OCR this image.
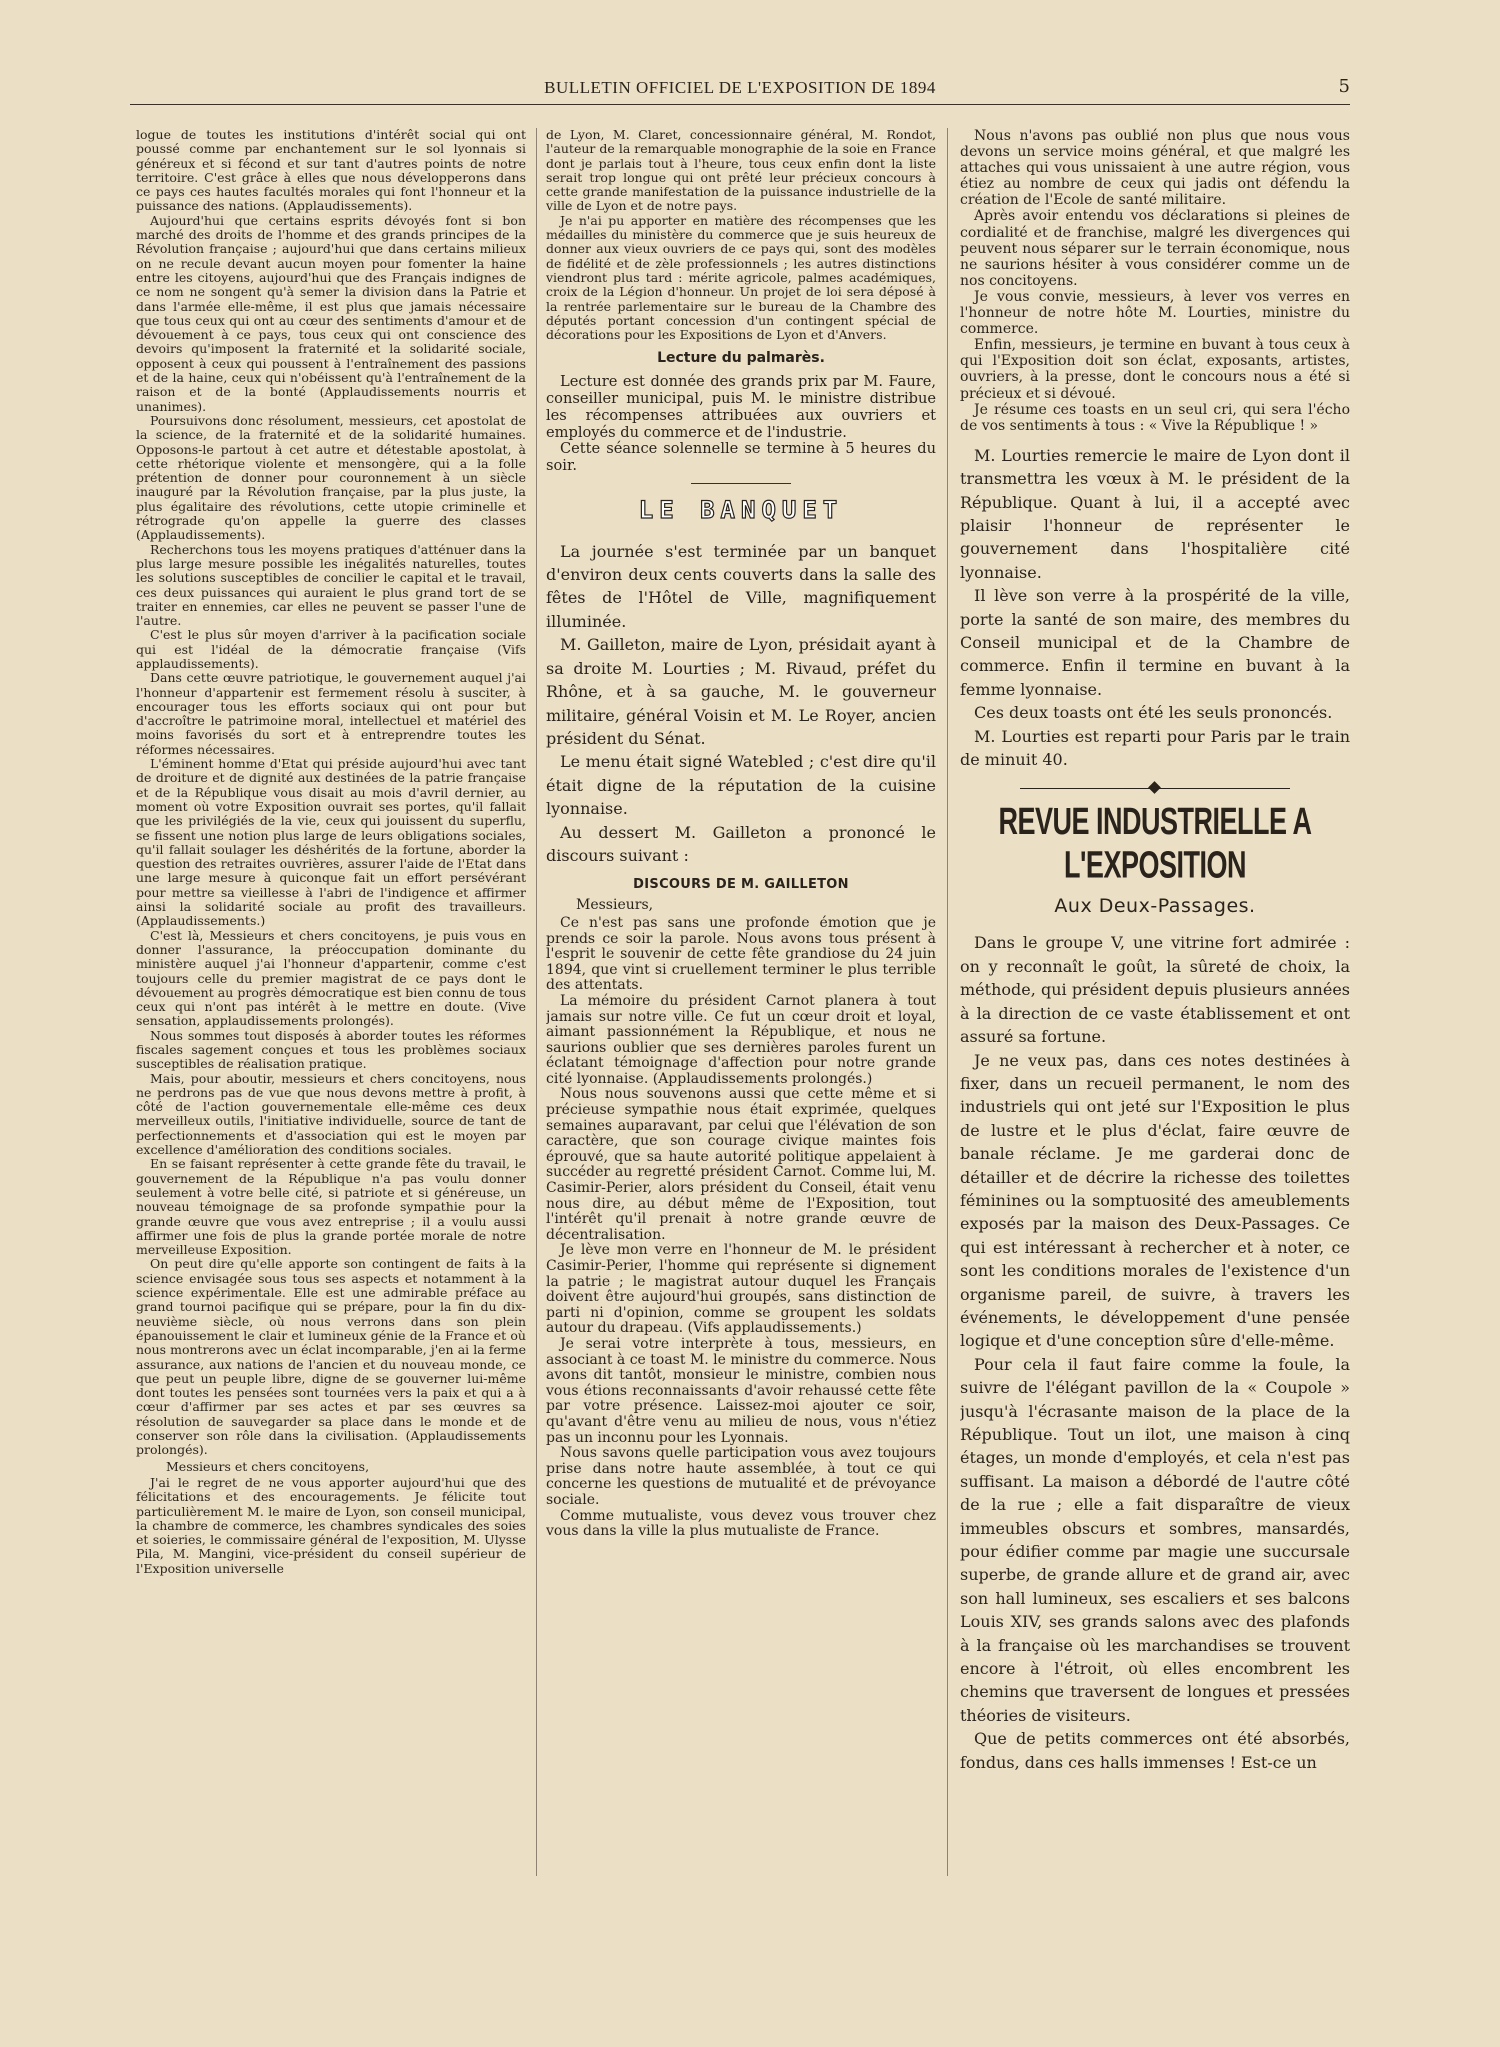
BULLETIN OFFICIEL DE L'EXPOSITION DE 1894	5

logue de toutes les institutions d'intérêt social qui ont poussé comme par enchantement sur le sol lyonnais si généreux et si fécond et sur tant d'autres points de notre territoire. C'est grâce à elles que nous développerons dans ce pays ces hautes facultés morales qui font l'honneur et la puissance des nations. (Applaudissements).

Aujourd'hui que certains esprits dévoyés font si bon marché des droits de l'homme et des grands principes de la Révolution française ; aujourd'hui que dans certains milieux on ne recule devant aucun moyen pour fomenter la haine entre les citoyens, aujourd'hui que des Français indignes de ce nom ne songent qu'à semer la division dans la Patrie et dans l'armée elle-même, il est plus que jamais nécessaire que tous ceux qui ont au cœur des sentiments d'amour et de dévouement à ce pays, tous ceux qui ont conscience des devoirs qu'imposent la fraternité et la solidarité sociale, opposent à ceux qui poussent à l'entraînement des passions et de la haine, ceux qui n'obéissent qu'à l'entraînement de la raison et de la bonté (Applaudissements nourris et unanimes).

Poursuivons donc résolument, messieurs, cet apostolat de la science, de la fraternité et de la solidarité humaines. Opposons-le partout à cet autre et détestable apostolat, à cette rhétorique violente et mensongère, qui a la folle prétention de donner pour couronnement à un siècle inauguré par la Révolution française, par la plus juste, la plus égalitaire des révolutions, cette utopie criminelle et rétrograde qu'on appelle la guerre des classes (Applaudissements).

Recherchons tous les moyens pratiques d'atténuer dans la plus large mesure possible les inégalités naturelles, toutes les solutions susceptibles de concilier le capital et le travail, ces deux puissances qui auraient le plus grand tort de se traiter en ennemies, car elles ne peuvent se passer l'une de l'autre.

C'est le plus sûr moyen d'arriver à la pacification sociale qui est l'idéal de la démocratie française (Vifs applaudissements).

Dans cette œuvre patriotique, le gouvernement auquel j'ai l'honneur d'appartenir est fermement résolu à susciter, à encourager tous les efforts sociaux qui ont pour but d'accroître le patrimoine moral, intellectuel et matériel des moins favorisés du sort et à entreprendre toutes les réformes nécessaires.

L'éminent homme d'Etat qui préside aujourd'hui avec tant de droiture et de dignité aux destinées de la patrie française et de la République vous disait au mois d'avril dernier, au moment où votre Exposition ouvrait ses portes, qu'il fallait que les privilégiés de la vie, ceux qui jouissent du superflu, se fissent une notion plus large de leurs obligations sociales, qu'il fallait soulager les déshérités de la fortune, aborder la question des retraites ouvrières, assurer l'aide de l'Etat dans une large mesure à quiconque fait un effort persévérant pour mettre sa vieillesse à l'abri de l'indigence et affirmer ainsi la solidarité sociale au profit des travailleurs. (Applaudissements.)

C'est là, Messieurs et chers concitoyens, je puis vous en donner l'assurance, la préoccupation dominante du ministère auquel j'ai l'honneur d'appartenir, comme c'est toujours celle du premier magistrat de ce pays dont le dévouement au progrès démocratique est bien connu de tous ceux qui n'ont pas intérêt à le mettre en doute. (Vive sensation, applaudissements prolongés).

Nous sommes tout disposés à aborder toutes les réformes fiscales sagement conçues et tous les problèmes sociaux susceptibles de réalisation pratique.

Mais, pour aboutir, messieurs et chers concitoyens, nous ne perdrons pas de vue que nous devons mettre à profit, à côté de l'action gouvernementale elle-même ces deux merveilleux outils, l'initiative individuelle, source de tant de perfectionnements et d'association qui est le moyen par excellence d'amélioration des conditions sociales.

En se faisant représenter à cette grande fête du travail, le gouvernement de la République n'a pas voulu donner seulement à votre belle cité, si patriote et si généreuse, un nouveau témoignage de sa profonde sympathie pour la grande œuvre que vous avez entreprise ; il a voulu aussi affirmer une fois de plus la grande portée morale de notre merveilleuse Exposition.

On peut dire qu'elle apporte son contingent de faits à la science envisagée sous tous ses aspects et notamment à la science expérimentale. Elle est une admirable préface au grand tournoi pacifique qui se prépare, pour la fin du dix-neuvième siècle, où nous verrons dans son plein épanouissement le clair et lumineux génie de la France et où nous montrerons avec un éclat incomparable, j'en ai la ferme assurance, aux nations de l'ancien et du nouveau monde, ce que peut un peuple libre, digne de se gouverner lui-même dont toutes les pensées sont tournées vers la paix et qui a à cœur d'affirmer par ses actes et par ses œuvres sa résolution de sauvegarder sa place dans le monde et de conserver son rôle dans la civilisation. (Applaudissements prolongés).

Messieurs et chers concitoyens,

J'ai le regret de ne vous apporter aujourd'hui que des félicitations et des encouragements. Je félicite tout particulièrement M. le maire de Lyon, son conseil municipal, la chambre de commerce, les chambres syndicales des soies et soieries, le commissaire général de l'exposition, M. Ulysse Pila, M. Mangini, vice-président du conseil supérieur de l'Exposition universelle

de Lyon, M. Claret, concessionnaire général, M. Rondot, l'auteur de la remarquable monographie de la soie en France dont je parlais tout à l'heure, tous ceux enfin dont la liste serait trop longue qui ont prêté leur précieux concours à cette grande manifestation de la puissance industrielle de la ville de Lyon et de notre pays.

Je n'ai pu apporter en matière des récompenses que les médailles du ministère du commerce que je suis heureux de donner aux vieux ouvriers de ce pays qui, sont des modèles de fidélité et de zèle professionnels ; les autres distinctions viendront plus tard : mérite agricole, palmes académiques, croix de la Légion d'honneur. Un projet de loi sera déposé à la rentrée parlementaire sur le bureau de la Chambre des députés portant concession d'un contingent spécial de décorations pour les Expositions de Lyon et d'Anvers.

Lecture du palmarès.

Lecture est donnée des grands prix par M. Faure, conseiller municipal, puis M. le ministre distribue les récompenses attribuées aux ouvriers et employés du commerce et de l'industrie.

Cette séance solennelle se termine à 5 heures du soir.

LE BANQUET

La journée s'est terminée par un banquet d'environ deux cents couverts dans la salle des fêtes de l'Hôtel de Ville, magnifiquement illuminée.

M. Gailleton, maire de Lyon, présidait ayant à sa droite M. Lourties ; M. Rivaud, préfet du Rhône, et à sa gauche, M. le gouverneur militaire, général Voisin et M. Le Royer, ancien président du Sénat.

Le menu était signé Watebled ; c'est dire qu'il était digne de la réputation de la cuisine lyonnaise.

Au dessert M. Gailleton a prononcé le discours suivant :

DISCOURS DE M. GAILLETON

Messieurs,

Ce n'est pas sans une profonde émotion que je prends ce soir la parole. Nous avons tous présent à l'esprit le souvenir de cette fête grandiose du 24 juin 1894, que vint si cruellement terminer le plus terrible des attentats.

La mémoire du président Carnot planera à tout jamais sur notre ville. Ce fut un cœur droit et loyal, aimant passionnément la République, et nous ne saurions oublier que ses dernières paroles furent un éclatant témoignage d'affection pour notre grande cité lyonnaise. (Applaudissements prolongés.)

Nous nous souvenons aussi que cette même et si précieuse sympathie nous était exprimée, quelques semaines auparavant, par celui que l'élévation de son caractère, que son courage civique maintes fois éprouvé, que sa haute autorité politique appelaient à succéder au regretté président Carnot. Comme lui, M. Casimir-Perier, alors président du Conseil, était venu nous dire, au début même de l'Exposition, tout l'intérêt qu'il prenait à notre grande œuvre de décentralisation.

Je lève mon verre en l'honneur de M. le président Casimir-Perier, l'homme qui représente si dignement la patrie ; le magistrat autour duquel les Français doivent être aujourd'hui groupés, sans distinction de parti ni d'opinion, comme se groupent les soldats autour du drapeau. (Vifs applaudissements.)

Je serai votre interprète à tous, messieurs, en associant à ce toast M. le ministre du commerce. Nous avons dit tantôt, monsieur le ministre, combien nous vous étions reconnaissants d'avoir rehaussé cette fête par votre présence. Laissez-moi ajouter ce soir, qu'avant d'être venu au milieu de nous, vous n'étiez pas un inconnu pour les Lyonnais.

Nous savons quelle participation vous avez toujours prise dans notre haute assemblée, à tout ce qui concerne les questions de mutualité et de prévoyance sociale.

Comme mutualiste, vous devez vous trouver chez vous dans la ville la plus mutualiste de France.

Nous n'avons pas oublié non plus que nous vous devons un service moins général, et que malgré les attaches qui vous unissaient à une autre région, vous étiez au nombre de ceux qui jadis ont défendu la création de l'Ecole de santé militaire.

Après avoir entendu vos déclarations si pleines de cordialité et de franchise, malgré les divergences qui peuvent nous séparer sur le terrain économique, nous ne saurions hésiter à vous considérer comme un de nos concitoyens.

Je vous convie, messieurs, à lever vos verres en l'honneur de notre hôte M. Lourties, ministre du commerce.

Enfin, messieurs, je termine en buvant à tous ceux à qui l'Exposition doit son éclat, exposants, artistes, ouvriers, à la presse, dont le concours nous a été si précieux et si dévoué.

Je résume ces toasts en un seul cri, qui sera l'écho de vos sentiments à tous : « Vive la République ! »

M. Lourties remercie le maire de Lyon dont il transmettra les vœux à M. le président de la République. Quant à lui, il a accepté avec plaisir l'honneur de représenter le gouvernement dans l'hospitalière cité lyonnaise.

Il lève son verre à la prospérité de la ville, porte la santé de son maire, des membres du Conseil municipal et de la Chambre de commerce. Enfin il termine en buvant à la femme lyonnaise.

Ces deux toasts ont été les seuls prononcés.

M. Lourties est reparti pour Paris par le train de minuit 40.

REVUE INDUSTRIELLE A L'EXPOSITION
Aux Deux-Passages.

Dans le groupe V, une vitrine fort admirée : on y reconnaît le goût, la sûreté de choix, la méthode, qui président depuis plusieurs années à la direction de ce vaste établissement et ont assuré sa fortune.

Je ne veux pas, dans ces notes destinées à fixer, dans un recueil permanent, le nom des industriels qui ont jeté sur l'Exposition le plus de lustre et le plus d'éclat, faire œuvre de banale réclame. Je me garderai donc de détailler et de décrire la richesse des toilettes féminines ou la somptuosité des ameublements exposés par la maison des Deux-Passages. Ce qui est intéressant à rechercher et à noter, ce sont les conditions morales de l'existence d'un organisme pareil, de suivre, à travers les événements, le développement d'une pensée logique et d'une conception sûre d'elle-même.

Pour cela il faut faire comme la foule, la suivre de l'élégant pavillon de la « Coupole » jusqu'à l'écrasante maison de la place de la République. Tout un ilot, une maison à cinq étages, un monde d'employés, et cela n'est pas suffisant. La maison a débordé de l'autre côté de la rue ; elle a fait disparaître de vieux immeubles obscurs et sombres, mansardés, pour édifier comme par magie une succursale superbe, de grande allure et de grand air, avec son hall lumineux, ses escaliers et ses balcons Louis XIV, ses grands salons avec des plafonds à la française où les marchandises se trouvent encore à l'étroit, où elles encombrent les chemins que traversent de longues et pressées théories de visiteurs.

Que de petits commerces ont été absorbés, fondus, dans ces halls immenses ! Est-ce un
